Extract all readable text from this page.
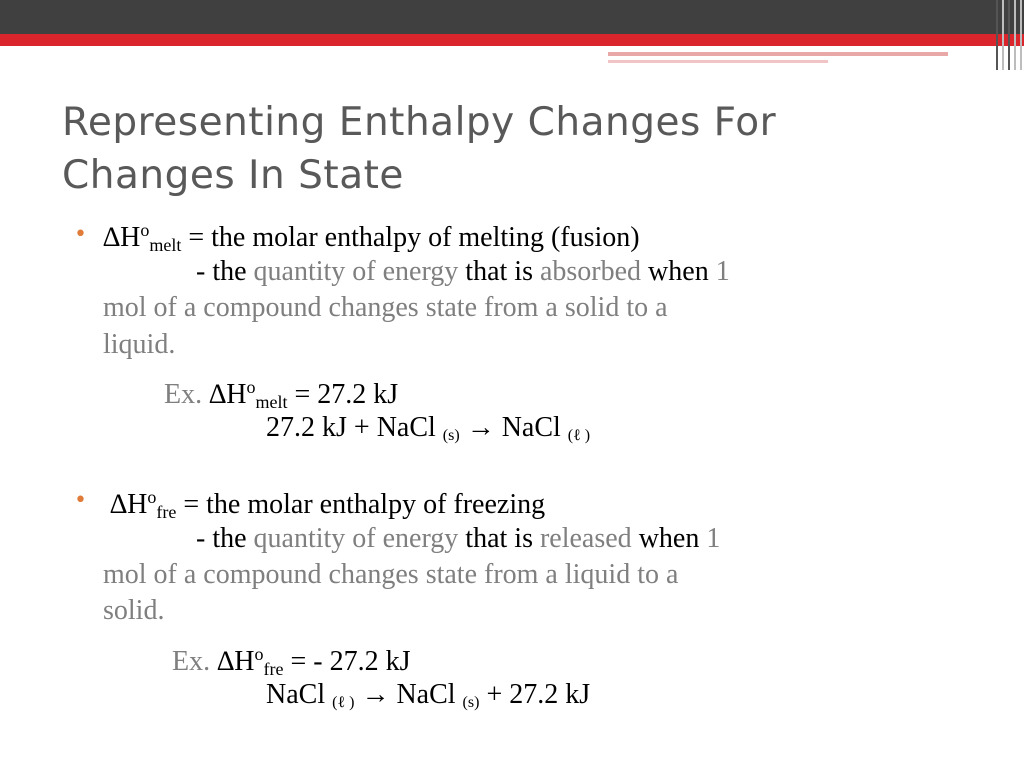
Representing Enthalpy Changes For
Changes In State
• $\Delta H^o_{melt}$ = the molar enthalpy of melting (fusion)
- the quantity of energy that is absorbed when 1
mol of a compound changes state from a solid to a
liquid.
Ex. $\Delta H^o_{melt} = 27.2$ kJ
27.2 kJ + NaCl (s) → NaCl (ℓ )
• $\Delta H^o_{fre}$ = the molar enthalpy of freezing
- the quantity of energy that is released when 1
mol of a compound changes state from a liquid to a
solid.
Ex. $\Delta H^o_{fre}$ = - 27.2 kJ
NaCl (ℓ ) → NaCl (s) + 27.2 kJ
